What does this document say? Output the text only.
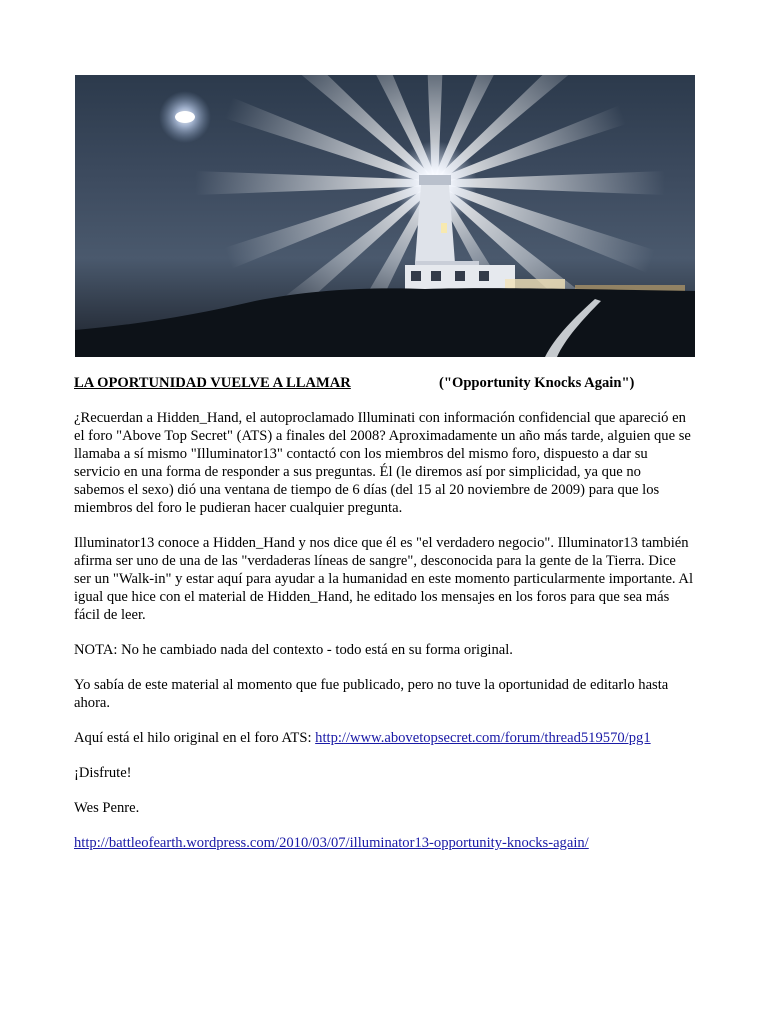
LA OPORTUNIDAD VUELVE A LLAMAR	("Opportunity Knocks Again")

¿Recuerdan a Hidden_Hand, el autoproclamado Illuminati con información confidencial que apareció en el foro "Above Top Secret" (ATS) a finales del 2008? Aproximadamente un año más tarde, alguien que se llamaba a sí mismo "Illuminator13" contactó con los miembros del mismo foro, dispuesto a dar su servicio en una forma de responder a sus preguntas. Él (le diremos así por simplicidad, ya que no sabemos el sexo) dió una ventana de tiempo de 6 días (del 15 al 20 noviembre de 2009) para que los miembros del foro le pudieran hacer cualquier pregunta.

Illuminator13 conoce a Hidden_Hand y nos dice que él es "el verdadero negocio". Illuminator13 también afirma ser uno de una de las "verdaderas líneas de sangre", desconocida para la gente de la Tierra. Dice ser un "Walk-in" y estar aquí para ayudar a la humanidad en este momento particularmente importante. Al igual que hice con el material de Hidden_Hand, he editado los mensajes en los foros para que sea más fácil de leer.

NOTA: No he cambiado nada del contexto - todo está en su forma original.

Yo sabía de este material al momento que fue publicado, pero no tuve la oportunidad de editarlo hasta ahora.

Aquí está el hilo original en el foro ATS: http://www.abovetopsecret.com/forum/thread519570/pg1

¡Disfrute!

Wes Penre.

http://battleofearth.wordpress.com/2010/03/07/illuminator13-opportunity-knocks-again/
